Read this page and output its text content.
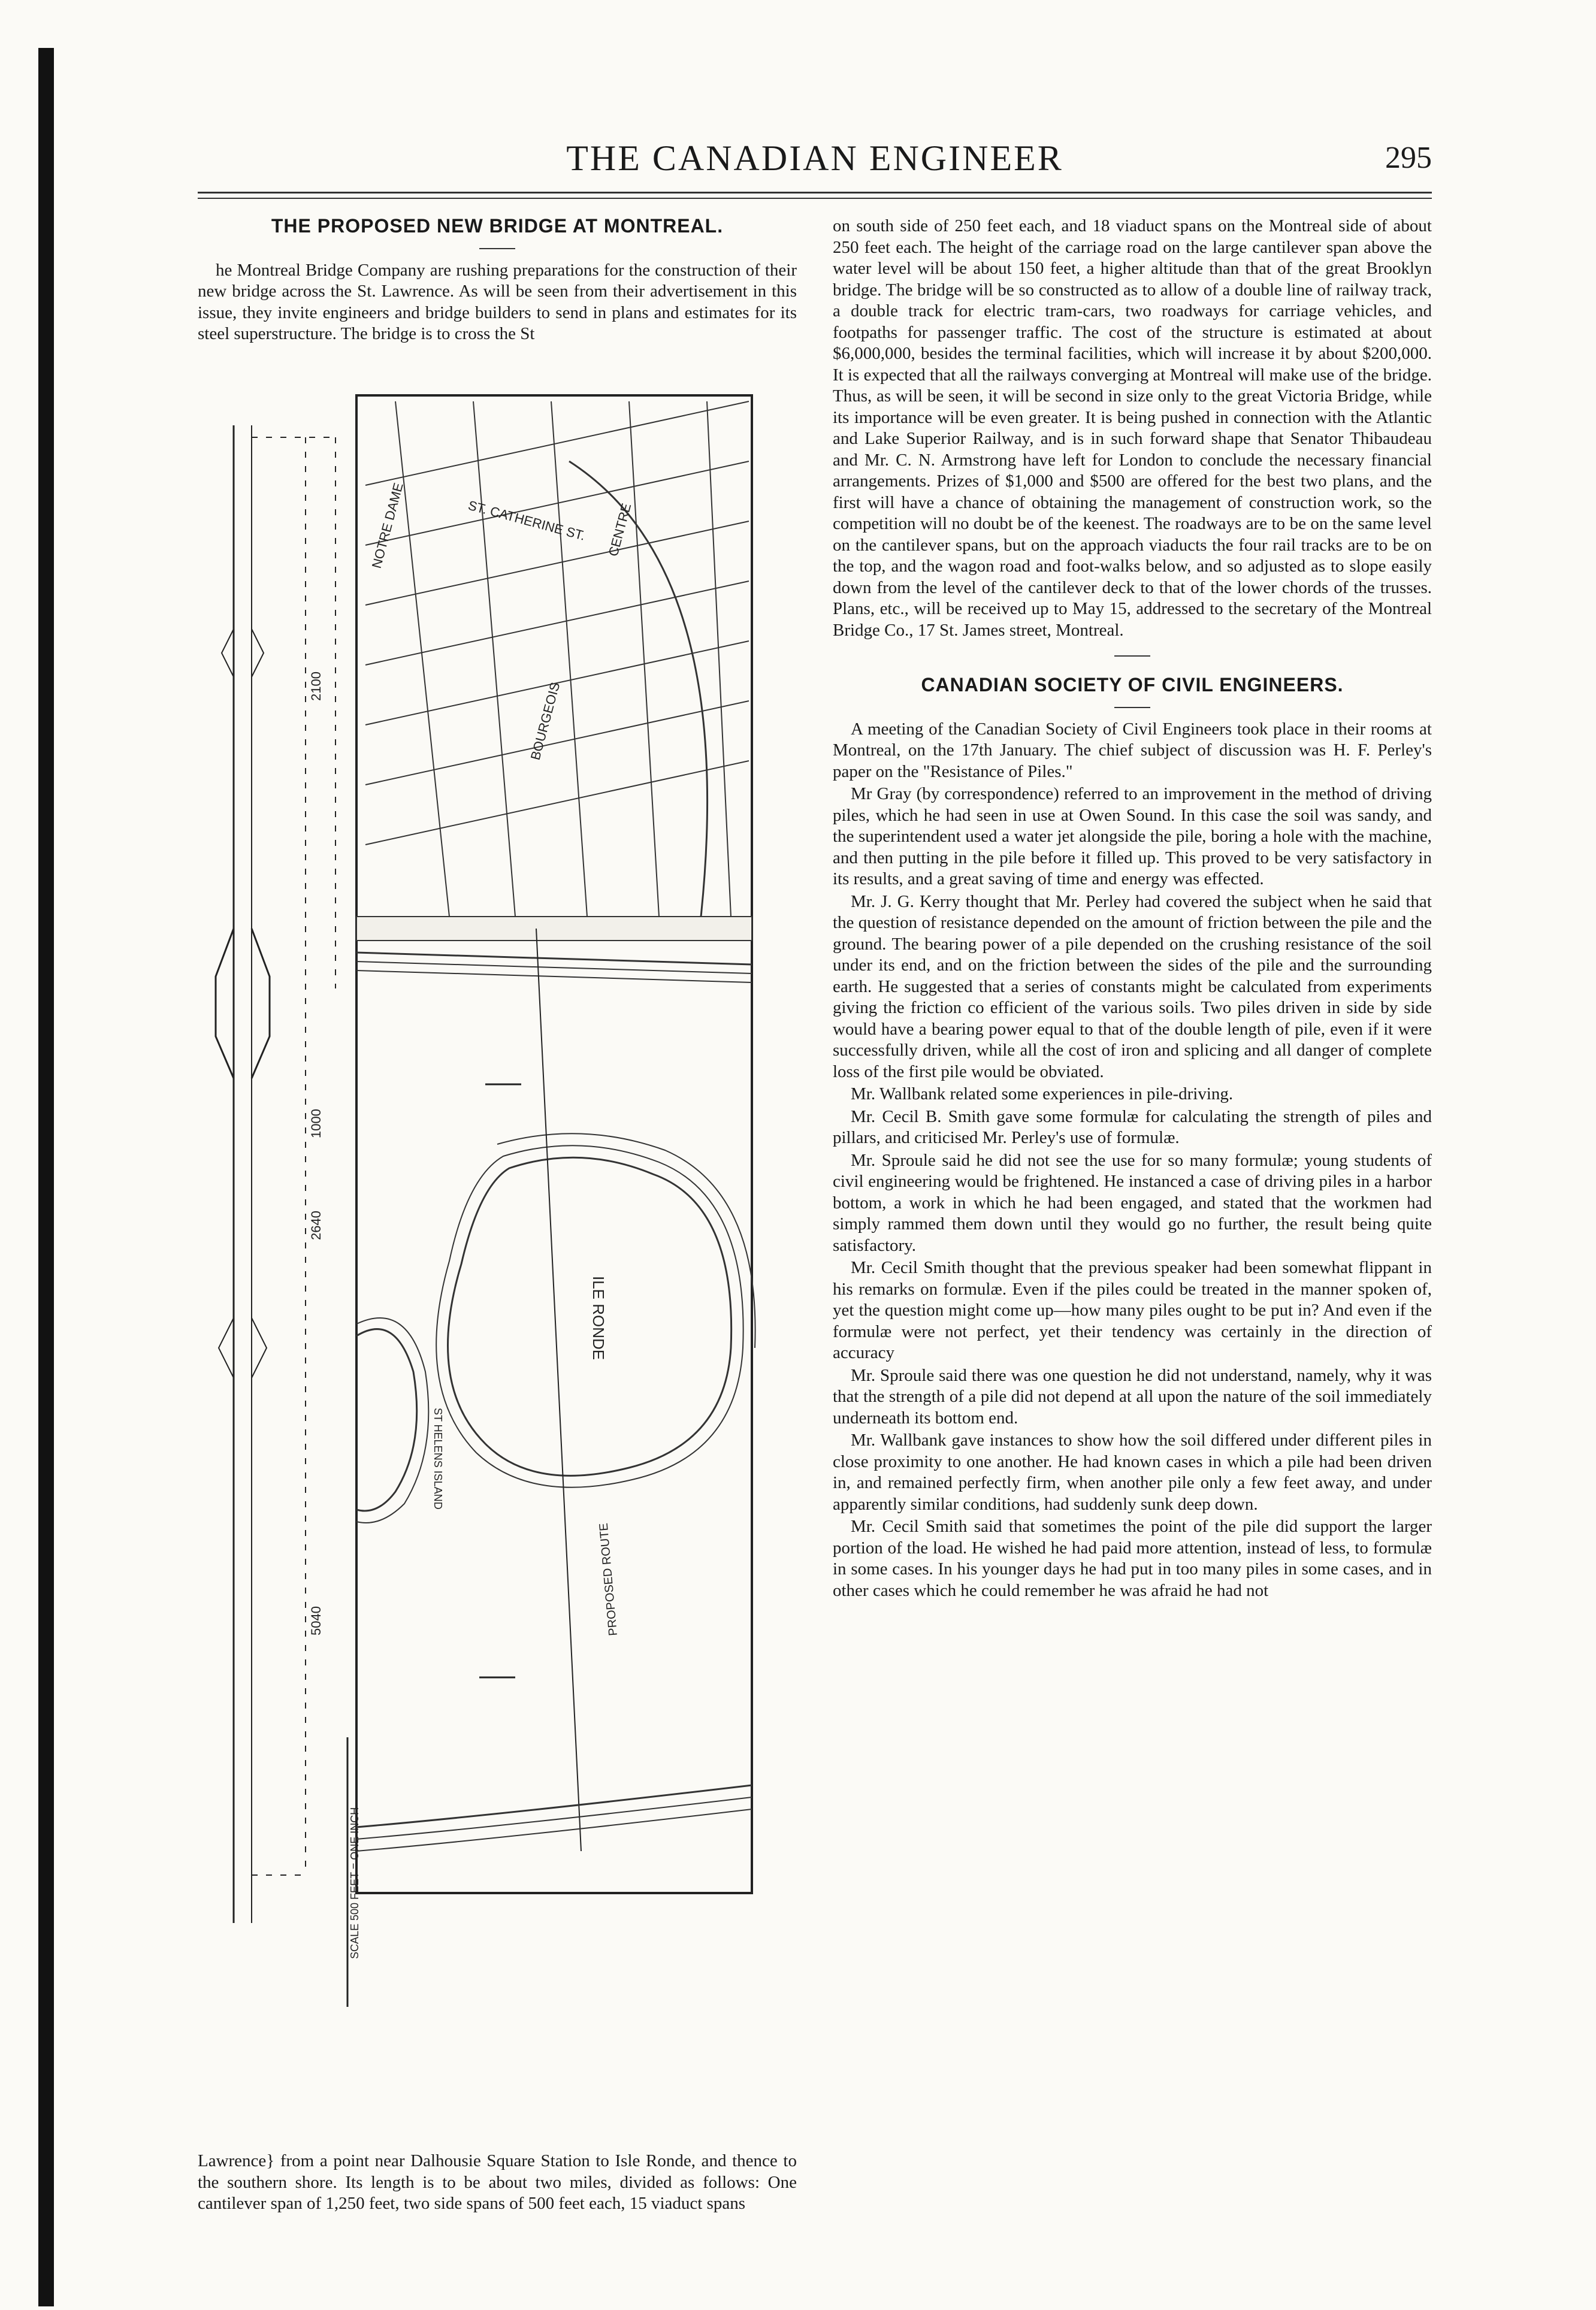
THE CANADIAN ENGINEER	295
THE PROPOSED NEW BRIDGE AT MONTREAL.

he Montreal Bridge Company are rushing preparations for the construction of their new bridge across the St. Lawrence. As will be seen from their advertisement in this issue, they invite engineers and bridge builders to send in plans and estimates for its steel superstructure. The bridge is to cross the St

2100
1000
2640
5040
SCALE 500 FEET = ONE INCH
NOTRE DAME	ST. CATHERINE ST.
BOURGEOIS
CENTRE
ILE RONDE
ST HELENS ISLAND
PROPOSED ROUTE

Lawrence} from a point near Dalhousie Square Station to Isle Ronde, and thence to the southern shore. Its length is to be about two miles, divided as follows: One cantilever span of 1,250 feet, two side spans of 500 feet each, 15 viaduct spans

on south side of 250 feet each, and 18 viaduct spans on the Montreal side of about 250 feet each. The height of the carriage road on the large cantilever span above the water level will be about 150 feet, a higher altitude than that of the great Brooklyn bridge. The bridge will be so constructed as to allow of a double line of railway track, a double track for electric tram-cars, two roadways for carriage vehicles, and footpaths for passenger traffic. The cost of the structure is estimated at about $6,000,000, besides the terminal facilities, which will increase it by about $200,000. It is expected that all the railways converging at Montreal will make use of the bridge. Thus, as will be seen, it will be second in size only to the great Victoria Bridge, while its importance will be even greater. It is being pushed in connection with the Atlantic and Lake Superior Railway, and is in such forward shape that Senator Thibaudeau and Mr. C. N. Armstrong have left for London to conclude the necessary financial arrangements. Prizes of $1,000 and $500 are offered for the best two plans, and the first will have a chance of obtaining the management of construction work, so the competition will no doubt be of the keenest. The roadways are to be on the same level on the cantilever spans, but on the approach viaducts the four rail tracks are to be on the top, and the wagon road and foot-walks below, and so adjusted as to slope easily down from the level of the cantilever deck to that of the lower chords of the trusses. Plans, etc., will be received up to May 15, addressed to the secretary of the Montreal Bridge Co., 17 St. James street, Montreal.

CANADIAN SOCIETY OF CIVIL ENGINEERS.

A meeting of the Canadian Society of Civil Engineers took place in their rooms at Montreal, on the 17th January. The chief subject of discussion was H. F. Perley's paper on the "Resistance of Piles."

Mr Gray (by correspondence) referred to an improvement in the method of driving piles, which he had seen in use at Owen Sound. In this case the soil was sandy, and the superintendent used a water jet alongside the pile, boring a hole with the machine, and then putting in the pile before it filled up. This proved to be very satisfactory in its results, and a great saving of time and energy was effected.

Mr. J. G. Kerry thought that Mr. Perley had covered the subject when he said that the question of resistance depended on the amount of friction between the pile and the ground. The bearing power of a pile depended on the crushing resistance of the soil under its end, and on the friction between the sides of the pile and the surrounding earth. He suggested that a series of constants might be calculated from experiments giving the friction co efficient of the various soils. Two piles driven in side by side would have a bearing power equal to that of the double length of pile, even if it were successfully driven, while all the cost of iron and splicing and all danger of complete loss of the first pile would be obviated.

Mr. Wallbank related some experiences in pile-driving.

Mr. Cecil B. Smith gave some formulæ for calculating the strength of piles and pillars, and criticised Mr. Perley's use of formulæ.

Mr. Sproule said he did not see the use for so many formulæ; young students of civil engineering would be frightened. He instanced a case of driving piles in a harbor bottom, a work in which he had been engaged, and stated that the workmen had simply rammed them down until they would go no further, the result being quite satisfactory.

Mr. Cecil Smith thought that the previous speaker had been somewhat flippant in his remarks on formulæ. Even if the piles could be treated in the manner spoken of, yet the question might come up—how many piles ought to be put in? And even if the formulæ were not perfect, yet their tendency was certainly in the direction of accuracy

Mr. Sproule said there was one question he did not understand, namely, why it was that the strength of a pile did not depend at all upon the nature of the soil immediately underneath its bottom end.

Mr. Wallbank gave instances to show how the soil differed under different piles in close proximity to one another. He had known cases in which a pile had been driven in, and remained perfectly firm, when another pile only a few feet away, and under apparently similar conditions, had suddenly sunk deep down.

Mr. Cecil Smith said that sometimes the point of the pile did support the larger portion of the load. He wished he had paid more attention, instead of less, to formulæ in some cases. In his younger days he had put in too many piles in some cases, and in other cases which he could remember he was afraid he had not
